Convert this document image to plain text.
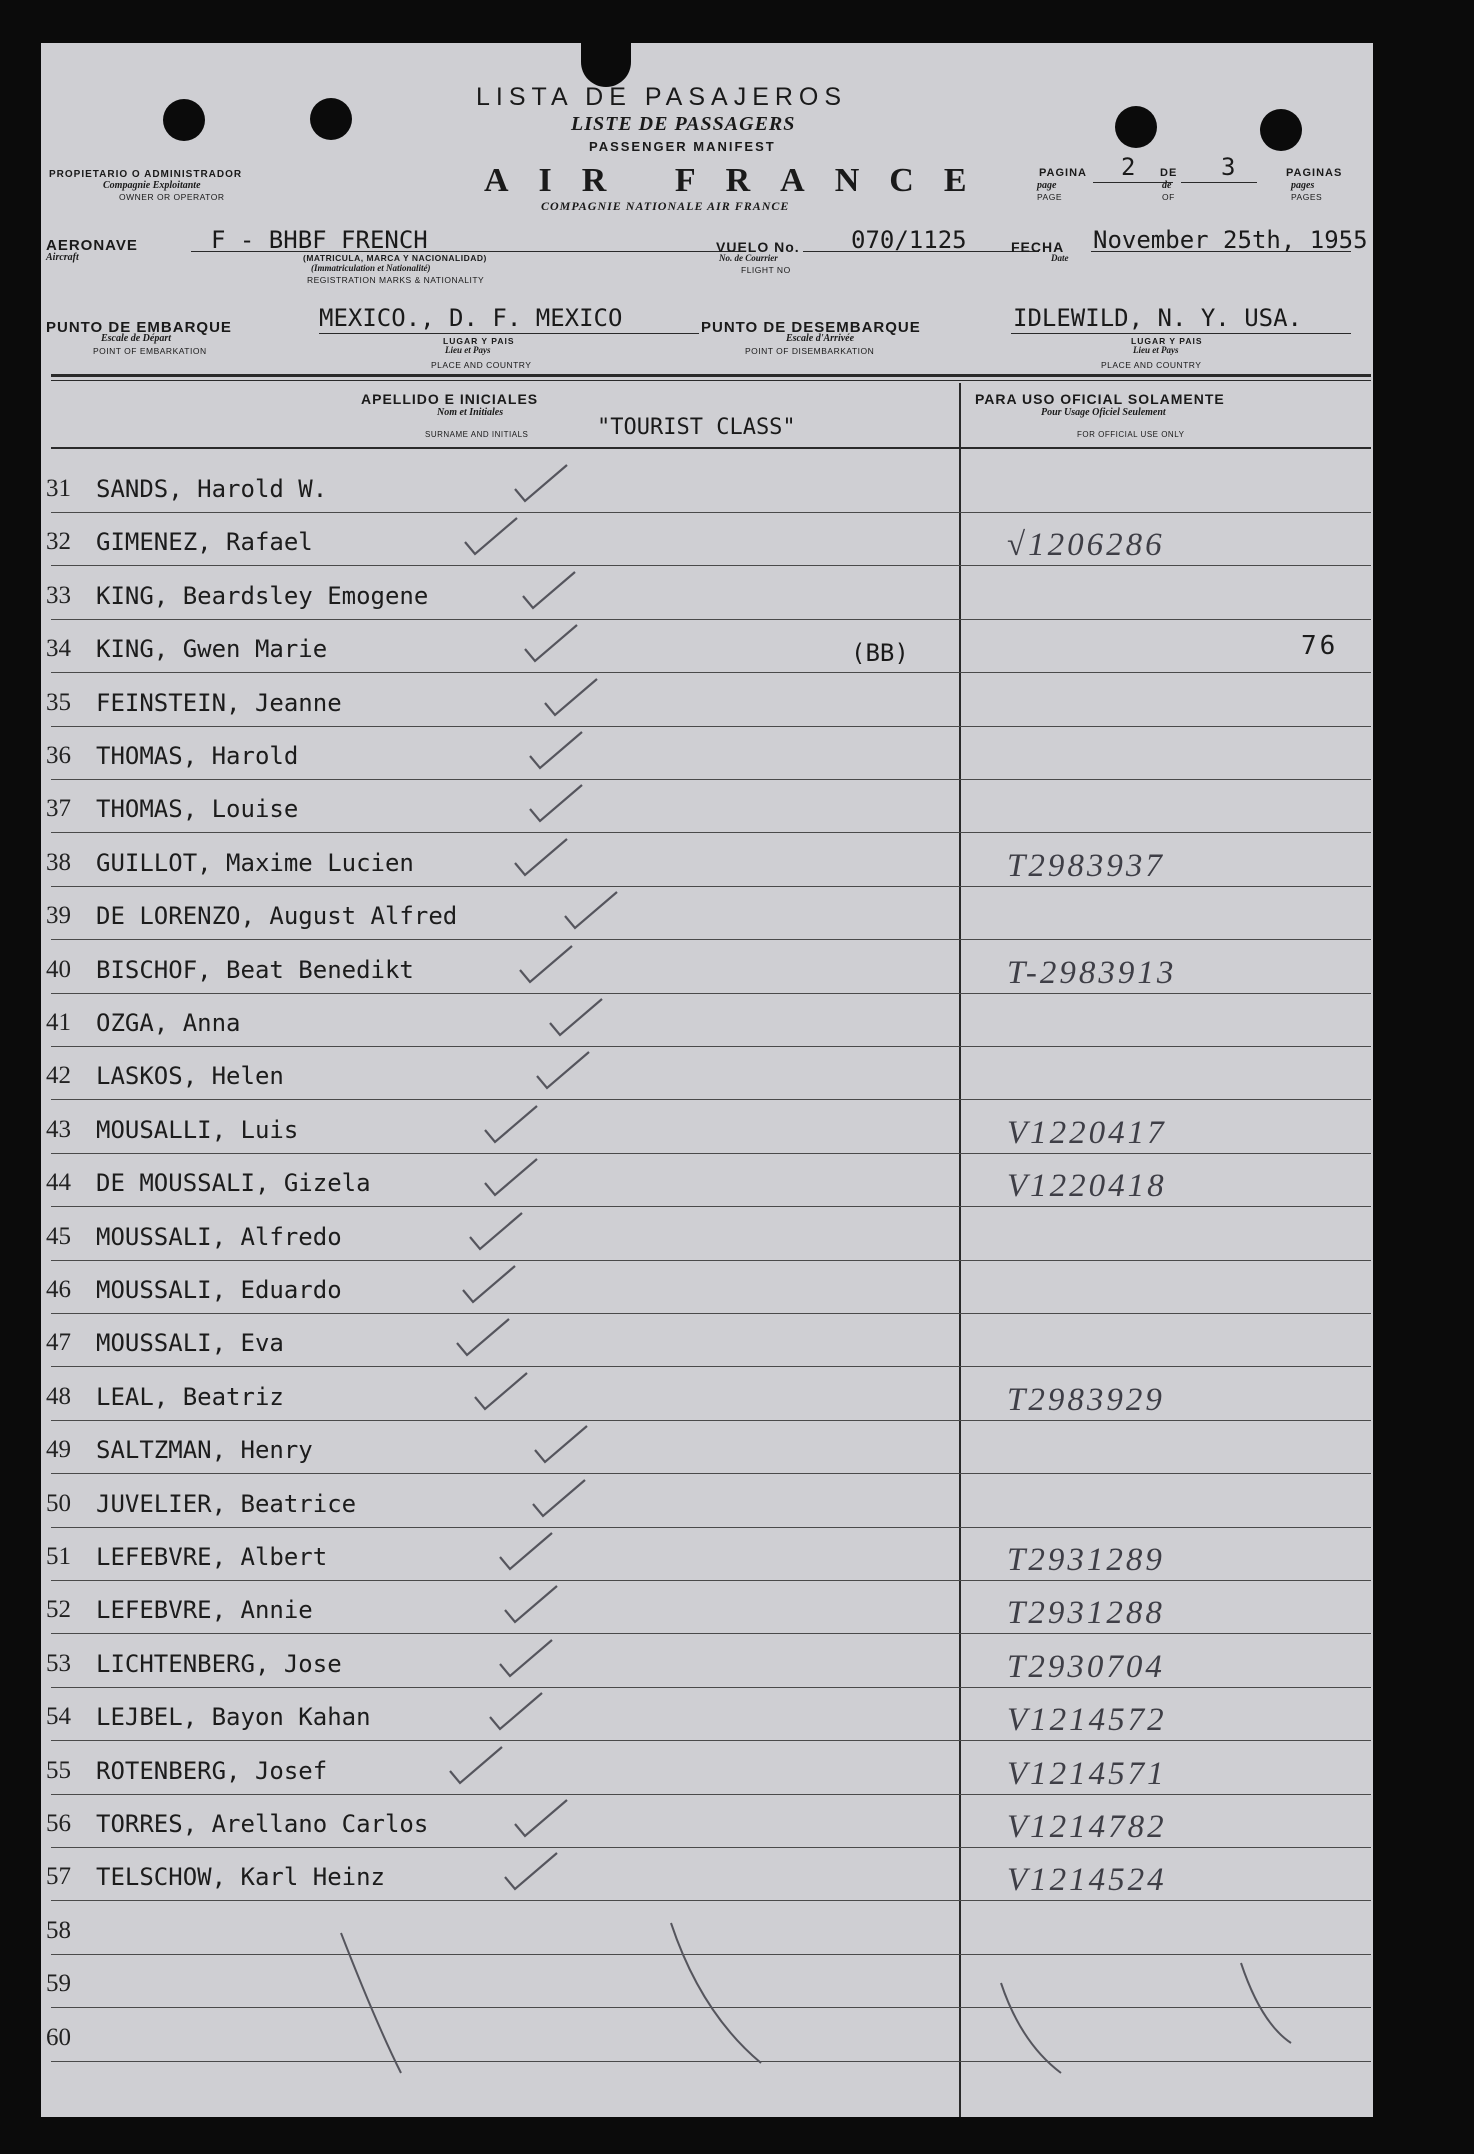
LISTA DE PASAJEROS
LISTE DE PASSAGERS
PASSENGER MANIFEST
AIR FRANCE
COMPAGNIE NATIONALE AIR FRANCE
PROPIETARIO O ADMINISTRADOR
Compagnie Exploitante
OWNER OR OPERATOR
PAGINA
page
PAGE
2 DE
de
OF
3	PAGINAS
pages
PAGES
AERONAVE
Aircraft
F - BHBF FRENCH
(MATRICULA, MARCA Y NACIONALIDAD)
(Immatriculation et Nationalité)
REGISTRATION MARKS & NATIONALITY
VUELO No.
No. de Courrier
FLIGHT NO
070/1125	FECHA
Date
November 25th, 1955
PUNTO DE EMBARQUE
Escale de Départ
POINT OF EMBARKATION
MEXICO., D. F. MEXICO
LUGAR Y PAIS
Lieu et Pays
PLACE AND COUNTRY
PUNTO DE DESEMBARQUE
Escale d'Arrivée
POINT OF DISEMBARKATION
IDLEWILD, N. Y. USA.
LUGAR Y PAIS
Lieu et Pays
PLACE AND COUNTRY
APELLIDO E INICIALES
Nom et Initiales
SURNAME AND INITIALS	"TOURIST CLASS"
PARA USO OFICIAL SOLAMENTE
Pour Usage Oficiel Seulement
FOR OFFICIAL USE ONLY
31 SANDS, Harold W.
32 GIMENEZ, Rafael	√1206286
33 KING, Beardsley Emogene
34 KING, Gwen Marie	(BB)	76
35 FEINSTEIN, Jeanne
36 THOMAS, Harold
37 THOMAS, Louise
38 GUILLOT, Maxime Lucien	T2983937
39 DE LORENZO, August Alfred
40 BISCHOF, Beat Benedikt	T-2983913
41 OZGA, Anna
42 LASKOS, Helen
43 MOUSALLI, Luis	V1220417
44 DE MOUSSALI, Gizela	V1220418
45 MOUSSALI, Alfredo
46 MOUSSALI, Eduardo
47 MOUSSALI, Eva
48 LEAL, Beatriz	T2983929
49 SALTZMAN, Henry
50 JUVELIER, Beatrice
51 LEFEBVRE, Albert	T2931289
52 LEFEBVRE, Annie	T2931288
53 LICHTENBERG, Jose	T2930704
54 LEJBEL, Bayon Kahan	V1214572
55 ROTENBERG, Josef	V1214571
56 TORRES, Arellano Carlos	V1214782
57 TELSCHOW, Karl Heinz	V1214524
58
59
60
